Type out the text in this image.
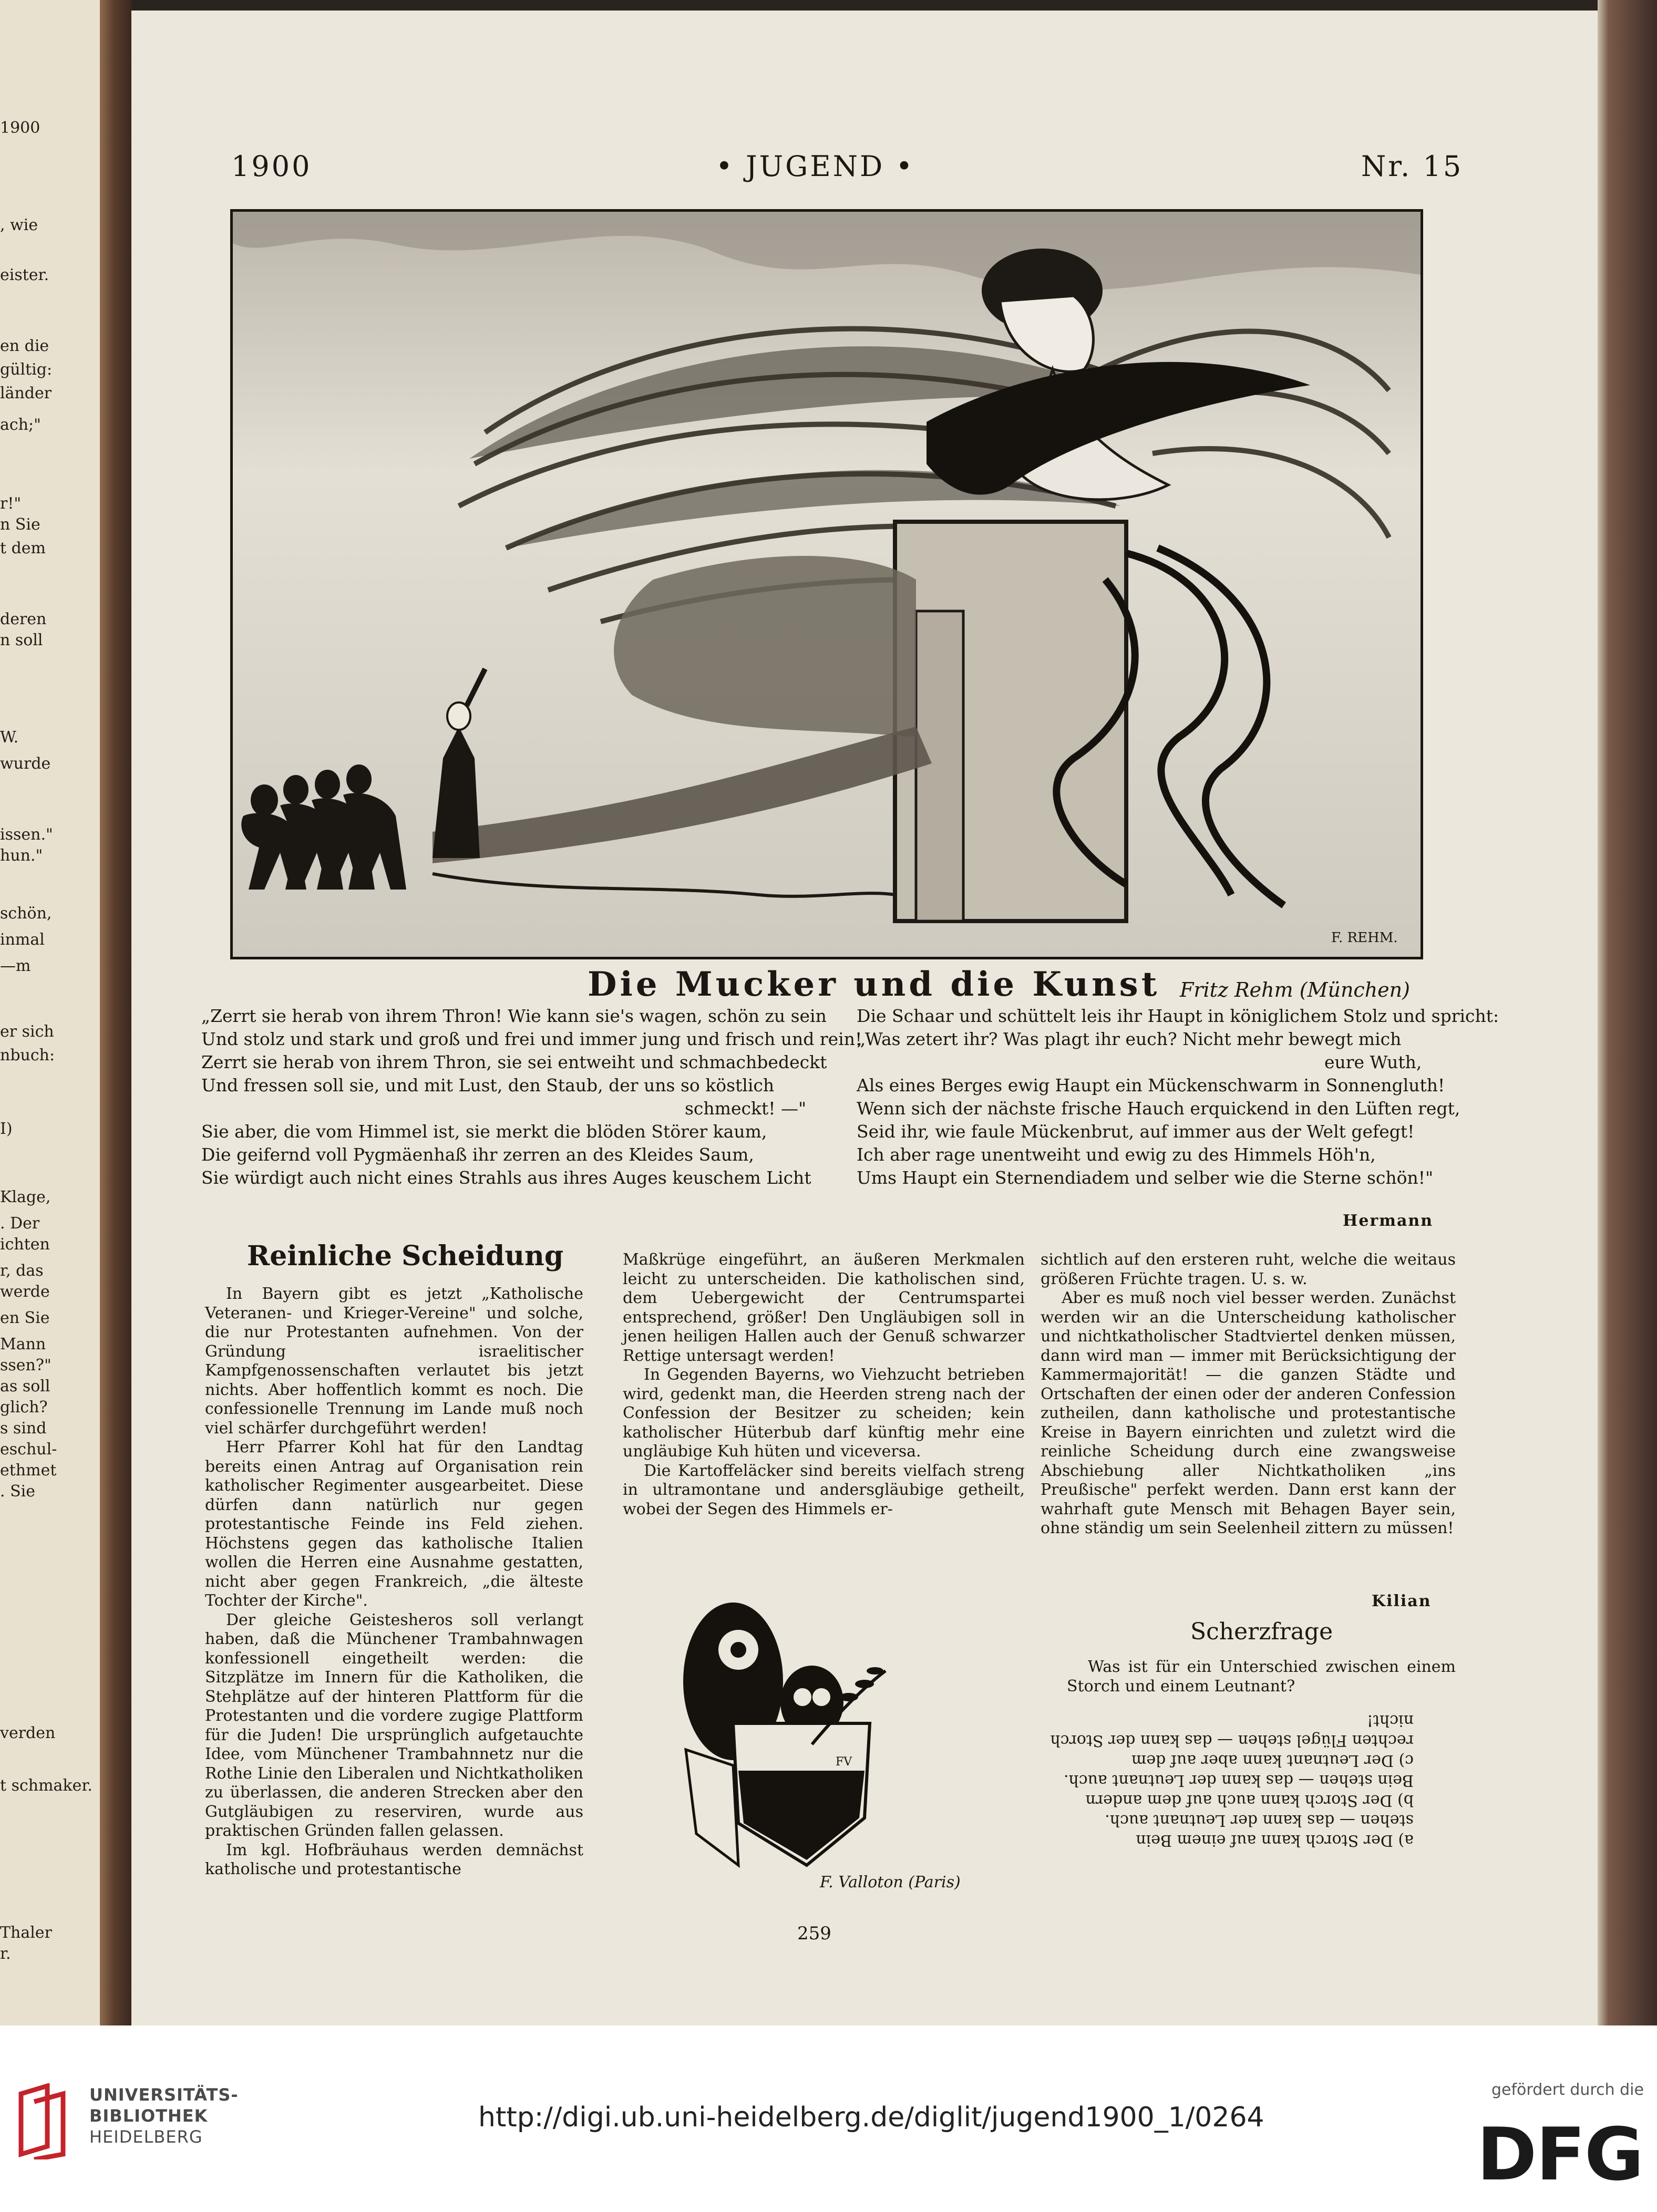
1900
, wie
eister.
en die
gültig:
länder
ach;"
r!"
n Sie
t dem
deren
n soll
W.
wurde
issen."
hun."
schön,
inmal
—m
er sich
nbuch:
I)
Klage,
. Der
ichten
r, das
werde
en Sie
Mann
ssen?"
as soll
glich?
s sind
eschul-
ethmet
. Sie
verden
t schmaker.
Thaler
r.
1900	• JUGEND •	Nr. 15
F. REHM.
Die Mucker und die Kunst Fritz Rehm (München)
„Zerrt sie herab von ihrem Thron! Wie kann sie's wagen, schön zu sein
Und stolz und stark und groß und frei und immer jung und frisch und rein!
Zerrt sie herab von ihrem Thron, sie sei entweiht und schmachbedeckt
Und fressen soll sie, und mit Lust, den Staub, der uns so köstlich
schmeckt! —"
Sie aber, die vom Himmel ist, sie merkt die blöden Störer kaum,
Die geifernd voll Pygmäenhaß ihr zerren an des Kleides Saum,
Sie würdigt auch nicht eines Strahls aus ihres Auges keuschem Licht
Die Schaar und schüttelt leis ihr Haupt in königlichem Stolz und spricht:
„Was zetert ihr? Was plagt ihr euch? Nicht mehr bewegt mich
eure Wuth,
Als eines Berges ewig Haupt ein Mückenschwarm in Sonnengluth!
Wenn sich der nächste frische Hauch erquickend in den Lüften regt,
Seid ihr, wie faule Mückenbrut, auf immer aus der Welt gefegt!
Ich aber rage unentweiht und ewig zu des Himmels Höh'n,
Ums Haupt ein Sternendiadem und selber wie die Sterne schön!"
Hermann
Reinliche Scheidung

In Bayern gibt es jetzt „Katholische Veteranen- und Krieger-Vereine" und solche, die nur Protestanten aufnehmen. Von der Gründung israelitischer Kampfgenossenschaften verlautet bis jetzt nichts. Aber hoffentlich kommt es noch. Die confessionelle Trennung im Lande muß noch viel schärfer durchgeführt werden!

Herr Pfarrer Kohl hat für den Landtag bereits einen Antrag auf Organisation rein katholischer Regimenter ausgearbeitet. Diese dürfen dann natürlich nur gegen protestantische Feinde ins Feld ziehen. Höchstens gegen das katholische Italien wollen die Herren eine Ausnahme gestatten, nicht aber gegen Frankreich, „die älteste Tochter der Kirche".

Der gleiche Geistesheros soll verlangt haben, daß die Münchener Trambahnwagen konfessionell eingetheilt werden: die Sitzplätze im Innern für die Katholiken, die Stehplätze auf der hinteren Plattform für die Protestanten und die vordere zugige Plattform für die Juden! Die ursprünglich aufgetauchte Idee, vom Münchener Trambahnnetz nur die Rothe Linie den Liberalen und Nichtkatholiken zu überlassen, die anderen Strecken aber den Gutgläubigen zu reserviren, wurde aus praktischen Gründen fallen gelassen.

Im kgl. Hofbräuhaus werden demnächst katholische und protestantische

Maßkrüge eingeführt, an äußeren Merkmalen leicht zu unterscheiden. Die katholischen sind, dem Uebergewicht der Centrumspartei entsprechend, größer! Den Ungläubigen soll in jenen heiligen Hallen auch der Genuß schwarzer Rettige untersagt werden!

In Gegenden Bayerns, wo Viehzucht betrieben wird, gedenkt man, die Heerden streng nach der Confession der Besitzer zu scheiden; kein katholischer Hüterbub darf künftig mehr eine ungläubige Kuh hüten und viceversa.

Die Kartoffeläcker sind bereits vielfach streng in ultramontane und andersgläubige getheilt, wobei der Segen des Himmels er-

sichtlich auf den ersteren ruht, welche die weitaus größeren Früchte tragen. U. s. w.

Aber es muß noch viel besser werden. Zunächst werden wir an die Unterscheidung katholischer und nichtkatholischer Stadtviertel denken müssen, dann wird man — immer mit Berücksichtigung der Kammermajorität! — die ganzen Städte und Ortschaften der einen oder der anderen Confession zutheilen, dann katholische und protestantische Kreise in Bayern einrichten und zuletzt wird die reinliche Scheidung durch eine zwangsweise Abschiebung aller Nichtkatholiken „ins Preußische" perfekt werden. Dann erst kann der wahrhaft gute Mensch mit Behagen Bayer sein, ohne ständig um sein Seelenheil zittern zu müssen!

Kilian
FV
F. Valloton (Paris)
Scherzfrage

Was ist für ein Unterschied zwischen einem Storch und einem Leutnant?

a) Der Storch kann auf einem Bein
stehen — das kann der Leutnant auch.
b) Der Storch kann auch auf dem andern
Bein stehen — das kann der Leutnant auch.
c) Der Leutnant kann aber auf dem
rechten Flügel stehen — das kann der Storch
nicht!
259
UNIVERSITÄTS-
BIBLIOTHEK
HEIDELBERG
http://digi.ub.uni-heidelberg.de/diglit/jugend1900_1/0264
gefördert durch die
DFG
